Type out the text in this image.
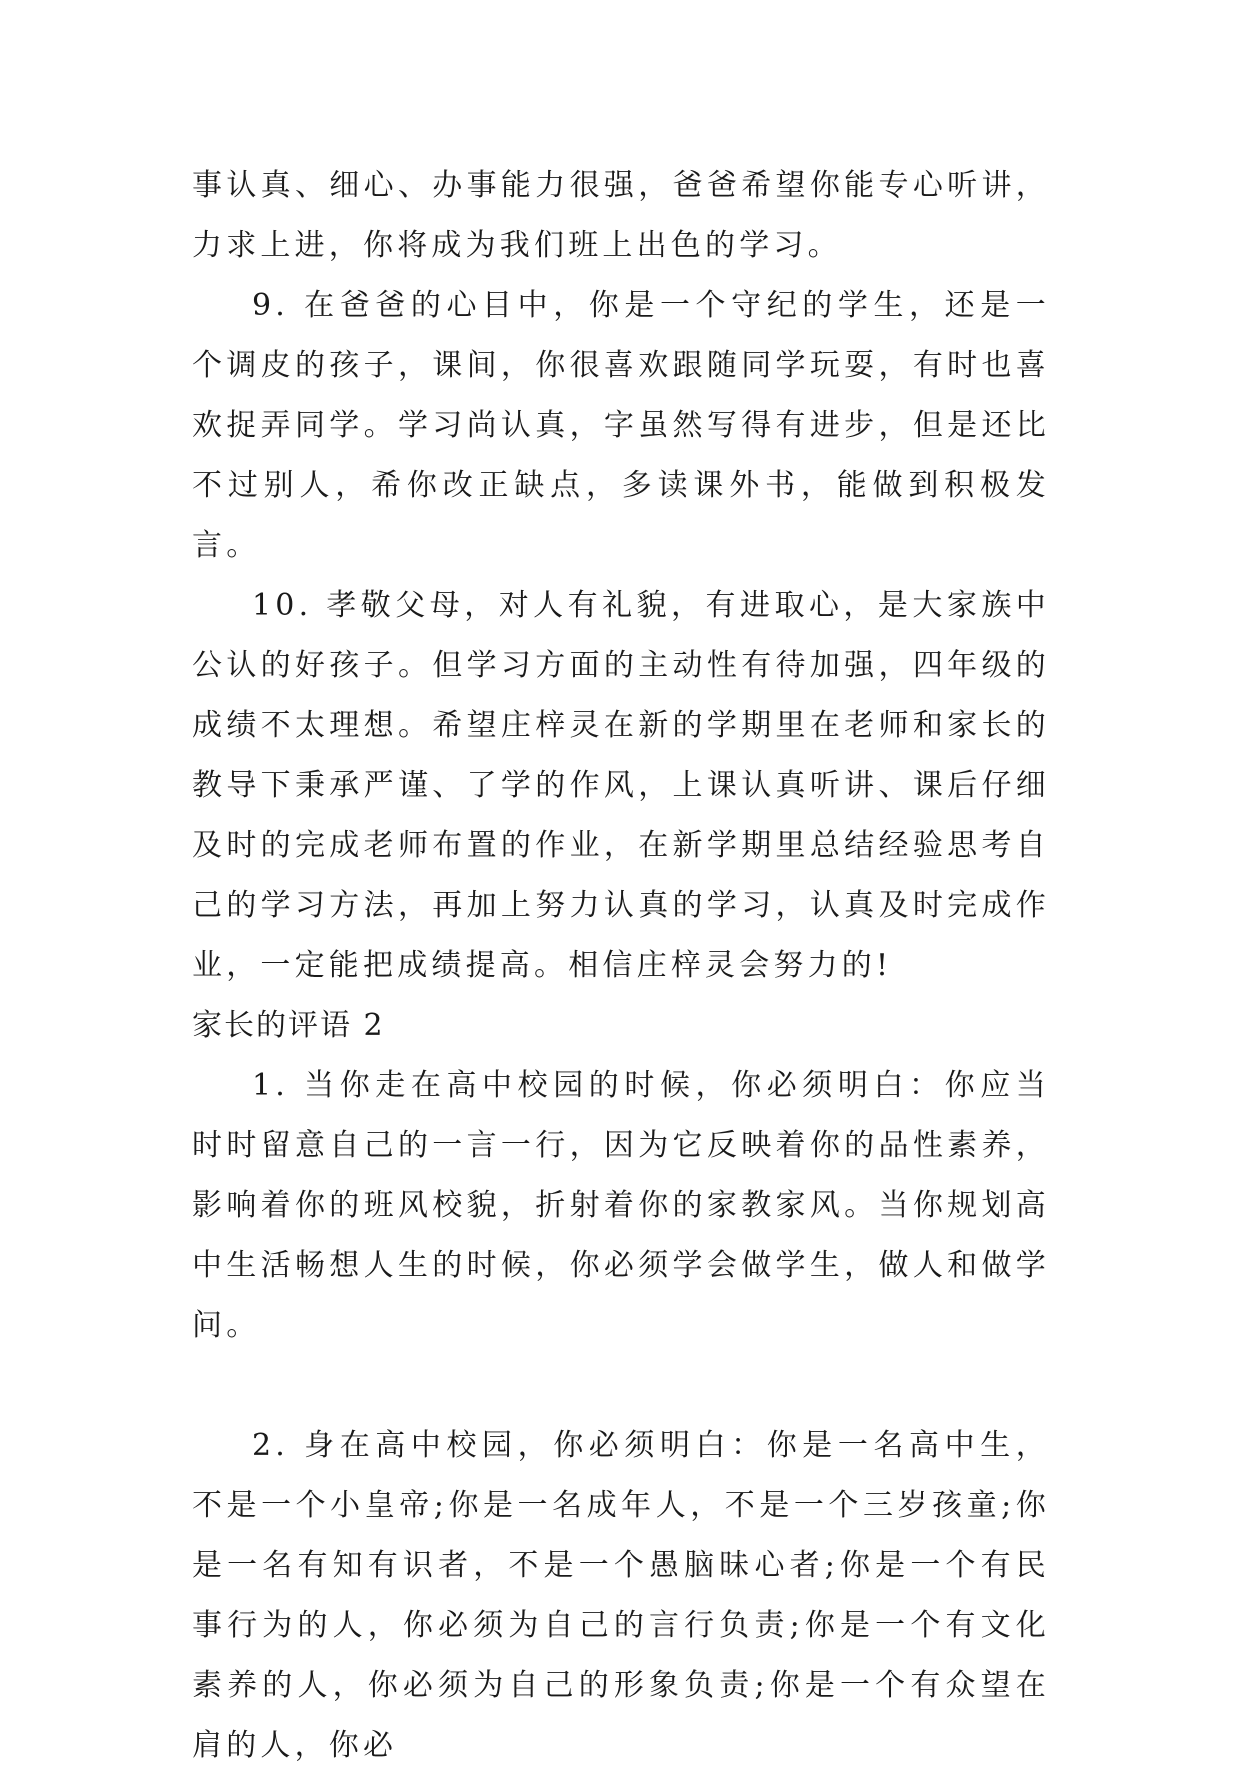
事认真、细心、办事能力很强，爸爸希望你能专心听讲，力求上进，你将成为我们班上出色的学习。

9. 在爸爸的心目中，你是一个守纪的学生，还是一个调皮的孩子，课间，你很喜欢跟随同学玩耍，有时也喜欢捉弄同学。学习尚认真，字虽然写得有进步，但是还比不过别人，希你改正缺点，多读课外书，能做到积极发言。

10. 孝敬父母，对人有礼貌，有进取心，是大家族中公认的好孩子。但学习方面的主动性有待加强，四年级的成绩不太理想。希望庄梓灵在新的学期里在老师和家长的教导下秉承严谨、了学的作风，上课认真听讲、课后仔细及时的完成老师布置的作业，在新学期里总结经验思考自己的学习方法，再加上努力认真的学习，认真及时完成作业，一定能把成绩提高。相信庄梓灵会努力的!

家长的评语 2

1. 当你走在高中校园的时候，你必须明白：你应当时时留意自己的一言一行，因为它反映着你的品性素养，影响着你的班风校貌，折射着你的家教家风。当你规划高中生活畅想人生的时候，你必须学会做学生，做人和做学问。

2. 身在高中校园，你必须明白：你是一名高中生，不是一个小皇帝;你是一名成年人，不是一个三岁孩童;你是一名有知有识者，不是一个愚脑昧心者;你是一个有民事行为的人，你必须为自己的言行负责;你是一个有文化素养的人，你必须为自己的形象负责;你是一个有众望在肩的人，你必
